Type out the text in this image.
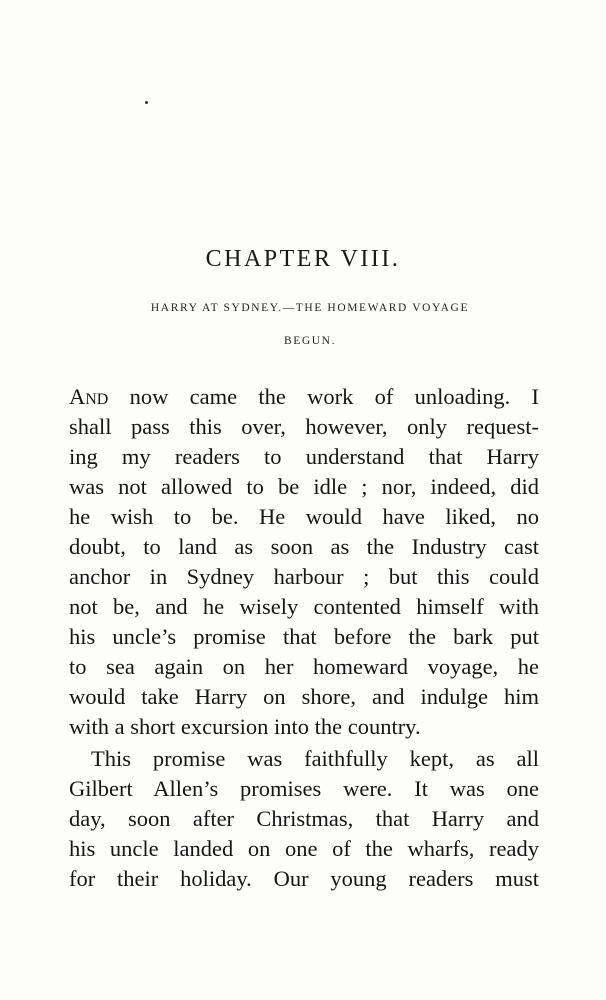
CHAPTER VIII.

HARRY AT SYDNEY.—THE HOMEWARD VOYAGE

BEGUN.

And now came the work of unloading. I
shall pass this over, however, only request-
ing my readers to understand that Harry
was not allowed to be idle ; nor, indeed, did
he wish to be. He would have liked, no
doubt, to land as soon as the Industry cast
anchor in Sydney harbour ; but this could
not be, and he wisely contented himself with
his uncle’s promise that before the bark put
to sea again on her homeward voyage, he
would take Harry on shore, and indulge him
with a short excursion into the country.
This promise was faithfully kept, as all
Gilbert Allen’s promises were. It was one
day, soon after Christmas, that Harry and
his uncle landed on one of the wharfs, ready
for their holiday. Our young readers must
